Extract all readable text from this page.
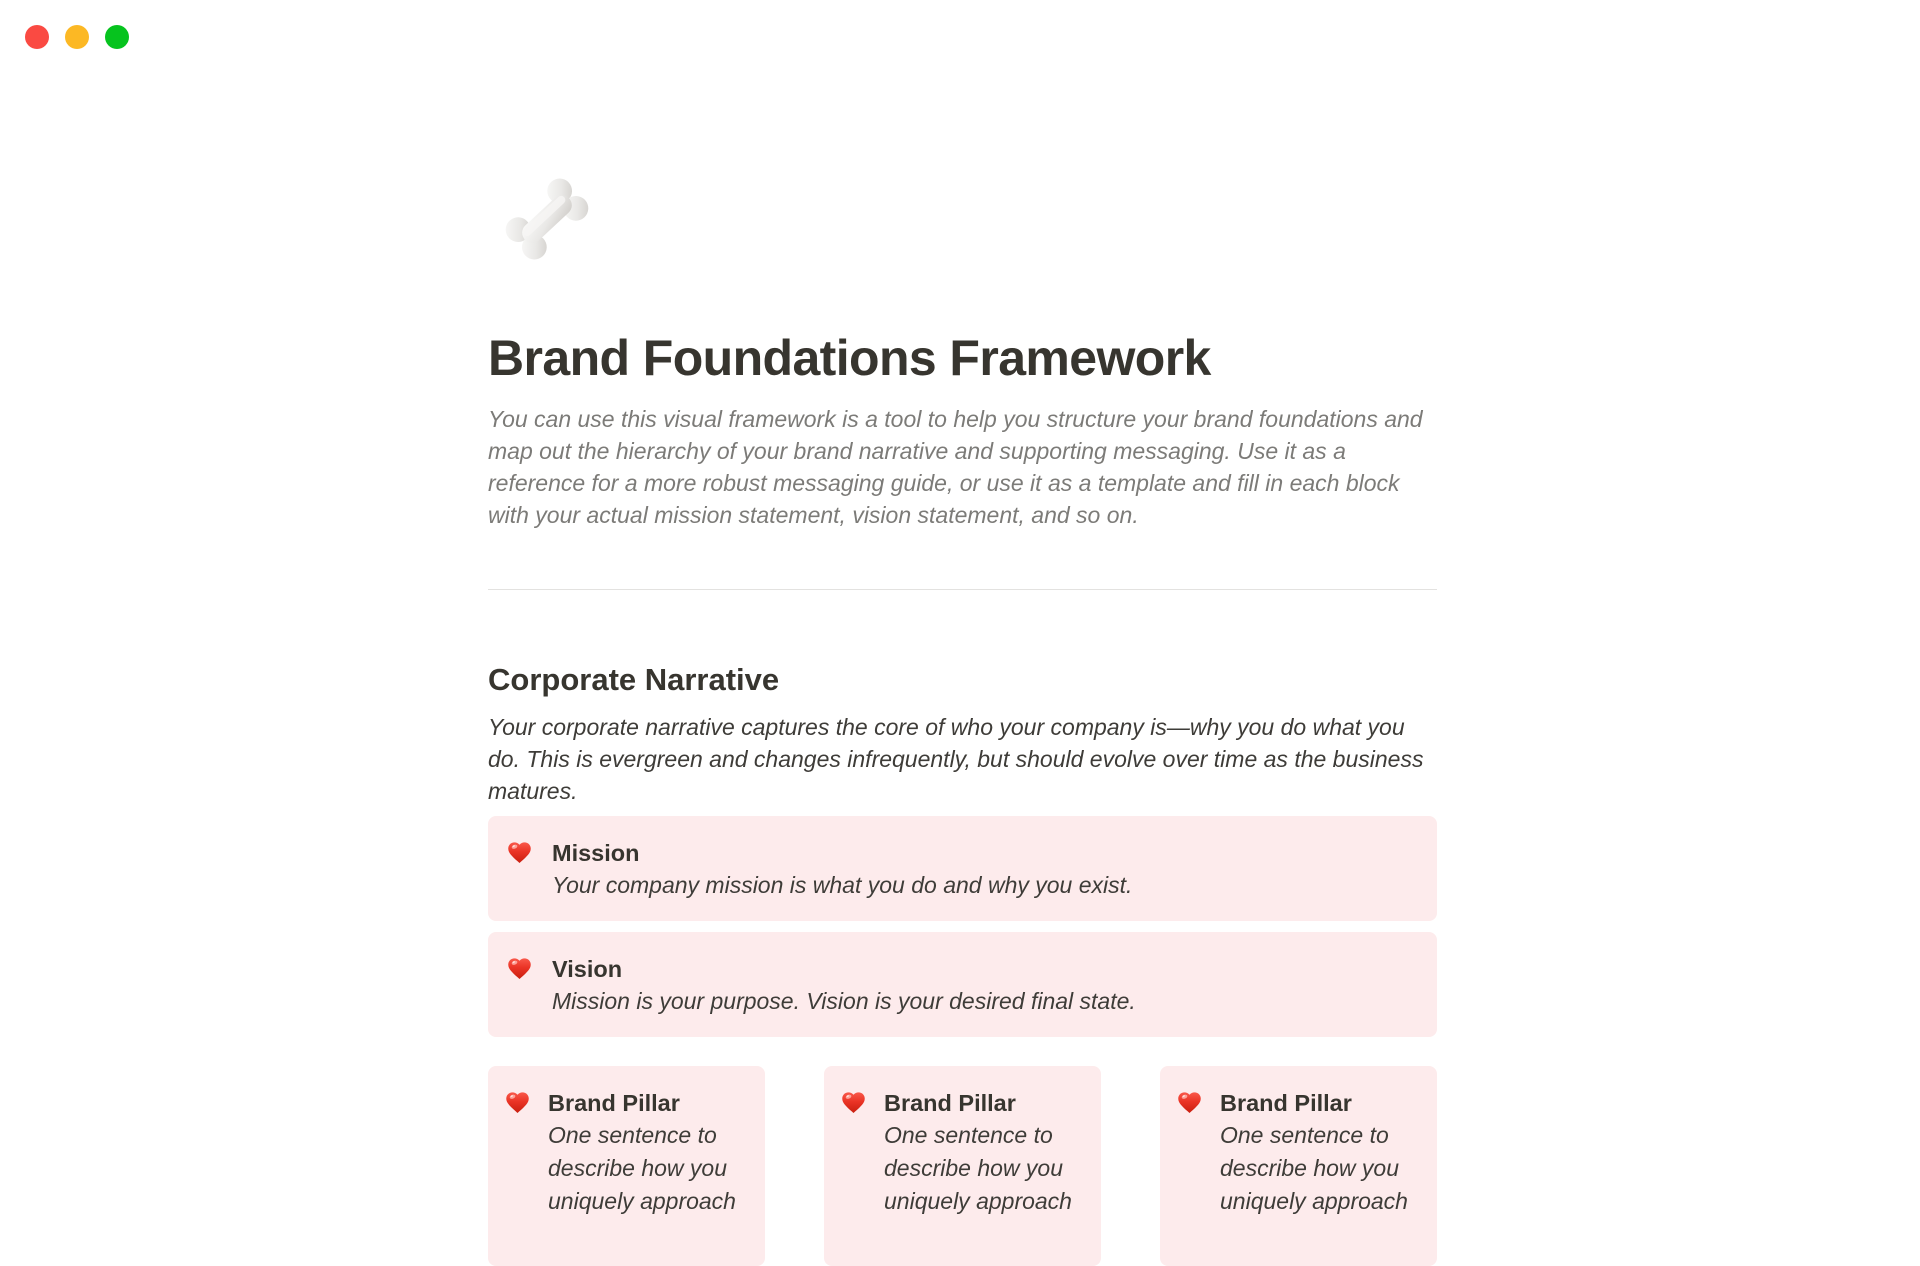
Brand Foundations Framework

You can use this visual framework is a tool to help you structure your brand foundations and map out the hierarchy of your brand narrative and supporting messaging. Use it as a reference for a more robust messaging guide, or use it as a template and fill in each block with your actual mission statement, vision statement, and so on.

Corporate Narrative

Your corporate narrative captures the core of who your company is—why you do what you do. This is evergreen and changes infrequently, but should evolve over time as the business matures.

Mission
Your company mission is what you do and why you exist.
Vision
Mission is your purpose. Vision is your desired final state.
Brand Pillar
One sentence to describe how you uniquely approach
Brand Pillar
One sentence to describe how you uniquely approach
Brand Pillar
One sentence to describe how you uniquely approach
